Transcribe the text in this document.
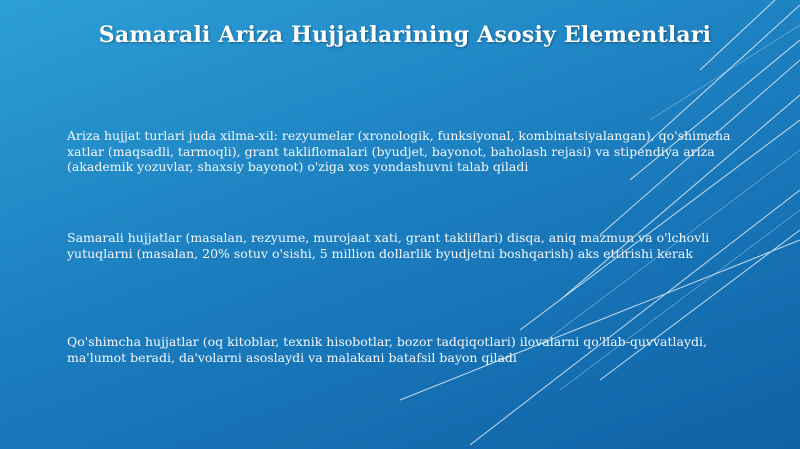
Samarali Ariza Hujjatlarining Asosiy Elementlari
Ariza hujjat turlari juda xilma-xil: rezyumelar (xronologik, funksiyonal, kombinatsiyalangan), qo'shimcha xatlar (maqsadli, tarmoqli), grant takliflomalari (byudjet, bayonot, baholash rejasi) va stipendiya ariza (akademik yozuvlar, shaxsiy bayonot) o'ziga xos yondashuvni talab qiladi
Samarali hujjatlar (masalan, rezyume, murojaat xati, grant takliflari) disqa, aniq mazmun va o'lchovli yutuqlarni (masalan, 20% sotuv o'sishi, 5 million dollarlik byudjetni boshqarish) aks ettirishi kerak
Qo'shimcha hujjatlar (oq kitoblar, texnik hisobotlar, bozor tadqiqotlari) ilovalarni qo'llab-quvvatlaydi, ma'lumot beradi, da'volarni asoslaydi va malakani batafsil bayon qiladi
